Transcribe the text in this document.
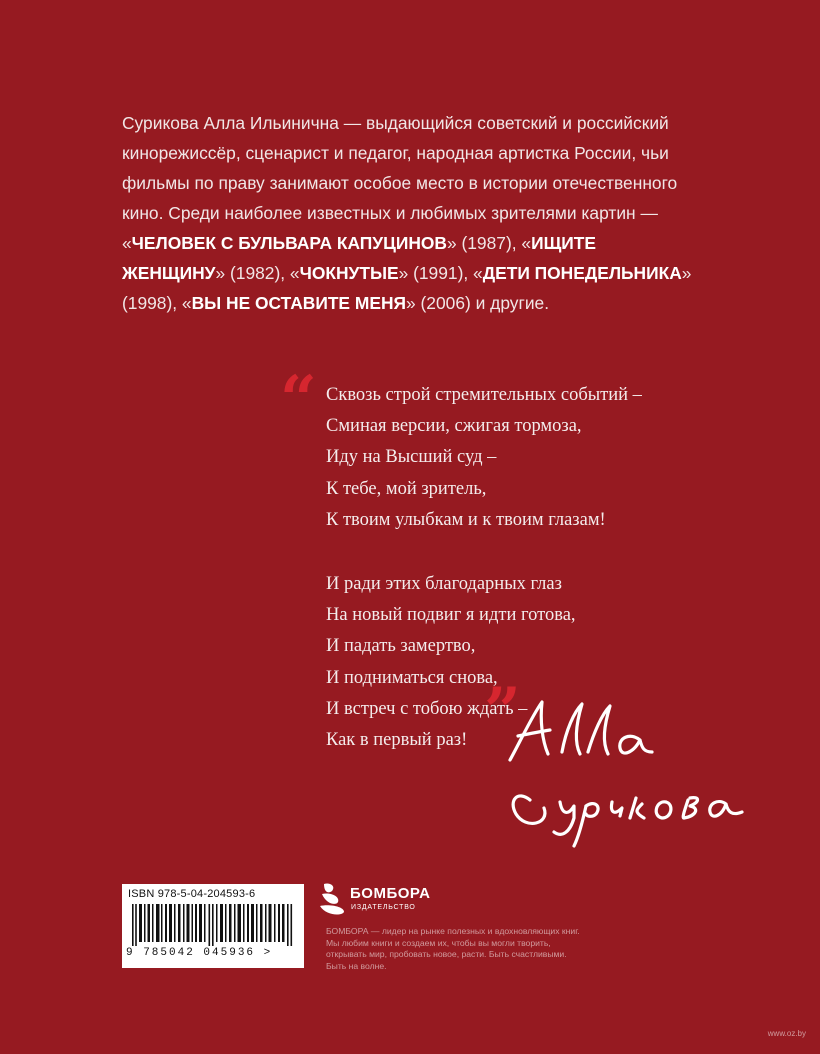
Сурикова Алла Ильинична — выдающийся советский и российский
кинорежиссёр, сценарист и педагог, народная артистка России, чьи
фильмы по праву занимают особое место в истории отечественного
кино. Среди наиболее известных и любимых зрителями картин —
«ЧЕЛОВЕК С БУЛЬВАРА КАПУЦИНОВ» (1987), «ИЩИТЕ
ЖЕНЩИНУ» (1982), «ЧОКНУТЫЕ» (1991), «ДЕТИ ПОНЕДЕЛЬНИКА»
(1998), «ВЫ НЕ ОСТАВИТЕ МЕНЯ» (2006) и другие.
“ Сквозь строй стремительных событий –
Сминая версии, сжигая тормоза,
Иду на Высший суд –
К тебе, мой зритель,
К твоим улыбкам и к твоим глазам!
И ради этих благодарных глаз
На новый подвиг я идти готова,
И падать замертво,
И подниматься снова,
И встреч с тобою ждать –
Как в первый раз! ”
ISBN 978-5-04-204593-6
9 785042 045936 >
БОМБОРА
ИЗДАТЕЛЬСТВО
БОМБОРА — лидер на рынке полезных и вдохновляющих книг. Мы любим книги и создаем их, чтобы вы могли творить, открывать мир, пробовать новое, расти. Быть счастливыми. Быть на волне.
www.oz.by
